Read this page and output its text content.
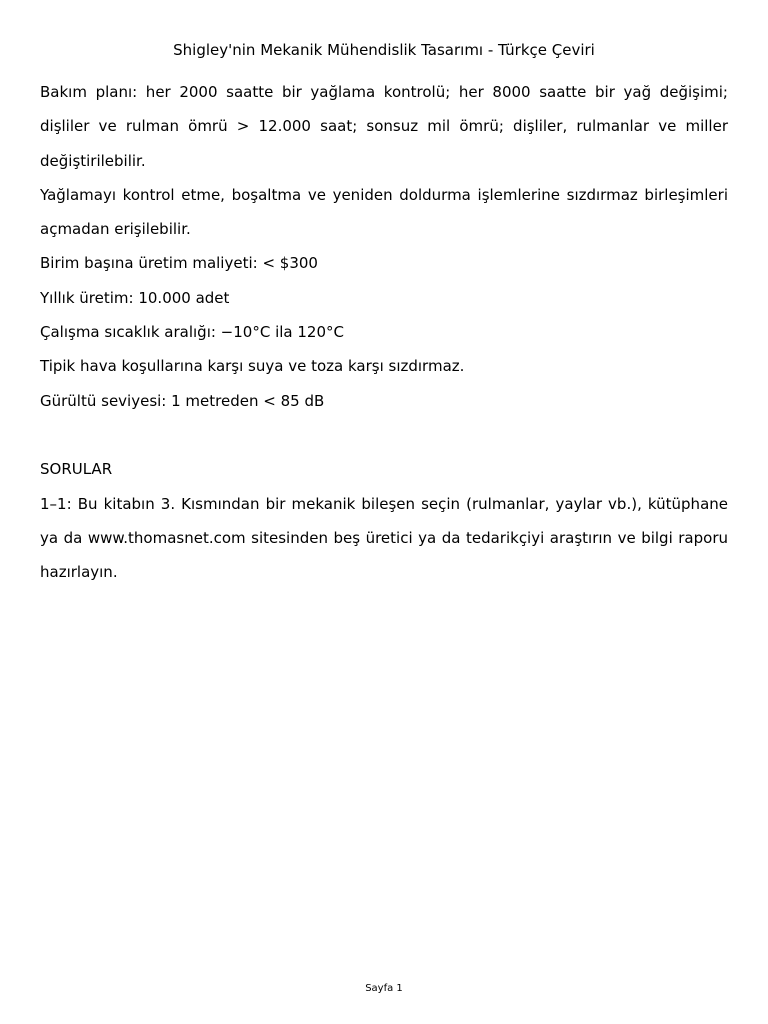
Shigley'nin Mekanik Mühendislik Tasarımı - Türkçe Çeviri

Bakım planı: her 2000 saatte bir yağlama kontrolü; her 8000 saatte bir yağ değişimi; dişliler ve rulman ömrü > 12.000 saat; sonsuz mil ömrü; dişliler, rulmanlar ve miller değiştirilebilir.

Yağlamayı kontrol etme, boşaltma ve yeniden doldurma işlemlerine sızdırmaz birleşimleri açmadan erişilebilir.

Birim başına üretim maliyeti: < $300

Yıllık üretim: 10.000 adet

Çalışma sıcaklık aralığı: −10°C ila 120°C

Tipik hava koşullarına karşı suya ve toza karşı sızdırmaz.

Gürültü seviyesi: 1 metreden < 85 dB

SORULAR

1–1: Bu kitabın 3. Kısmından bir mekanik bileşen seçin (rulmanlar, yaylar vb.), kütüphane ya da www.thomasnet.com sitesinden beş üretici ya da tedarikçiyi araştırın ve bilgi raporu hazırlayın.

Sayfa 1
